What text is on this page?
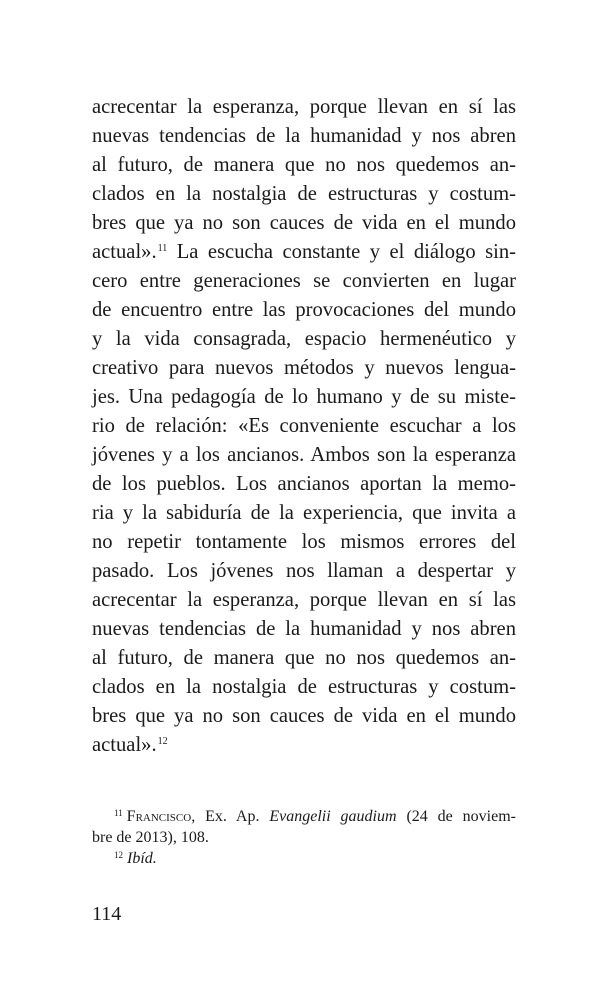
acrecentar la esperanza, porque llevan en sí las
nuevas tendencias de la humanidad y nos abren
al futuro, de manera que no nos quedemos an-
clados en la nostalgia de estructuras y costum-
bres que ya no son cauces de vida en el mundo
actual».$^{11}$ La escucha constante y el diálogo sin-
cero entre generaciones se convierten en lugar
de encuentro entre las provocaciones del mundo
y la vida consagrada, espacio hermenéutico y
creativo para nuevos métodos y nuevos lengua-
jes. Una pedagogía de lo humano y de su miste-
rio de relación: «Es conveniente escuchar a los
jóvenes y a los ancianos. Ambos son la esperanza
de los pueblos. Los ancianos aportan la memo-
ria y la sabiduría de la experiencia, que invita a
no repetir tontamente los mismos errores del
pasado. Los jóvenes nos llaman a despertar y
acrecentar la esperanza, porque llevan en sí las
nuevas tendencias de la humanidad y nos abren
al futuro, de manera que no nos quedemos an-
clados en la nostalgia de estructuras y costum-
bres que ya no son cauces de vida en el mundo
actual».$^{12}$
$^{11}$ Francisco, Ex. Ap. Evangelii gaudium (24 de noviem-
bre de 2013), 108.
$^{12}$ Ibíd.
114
